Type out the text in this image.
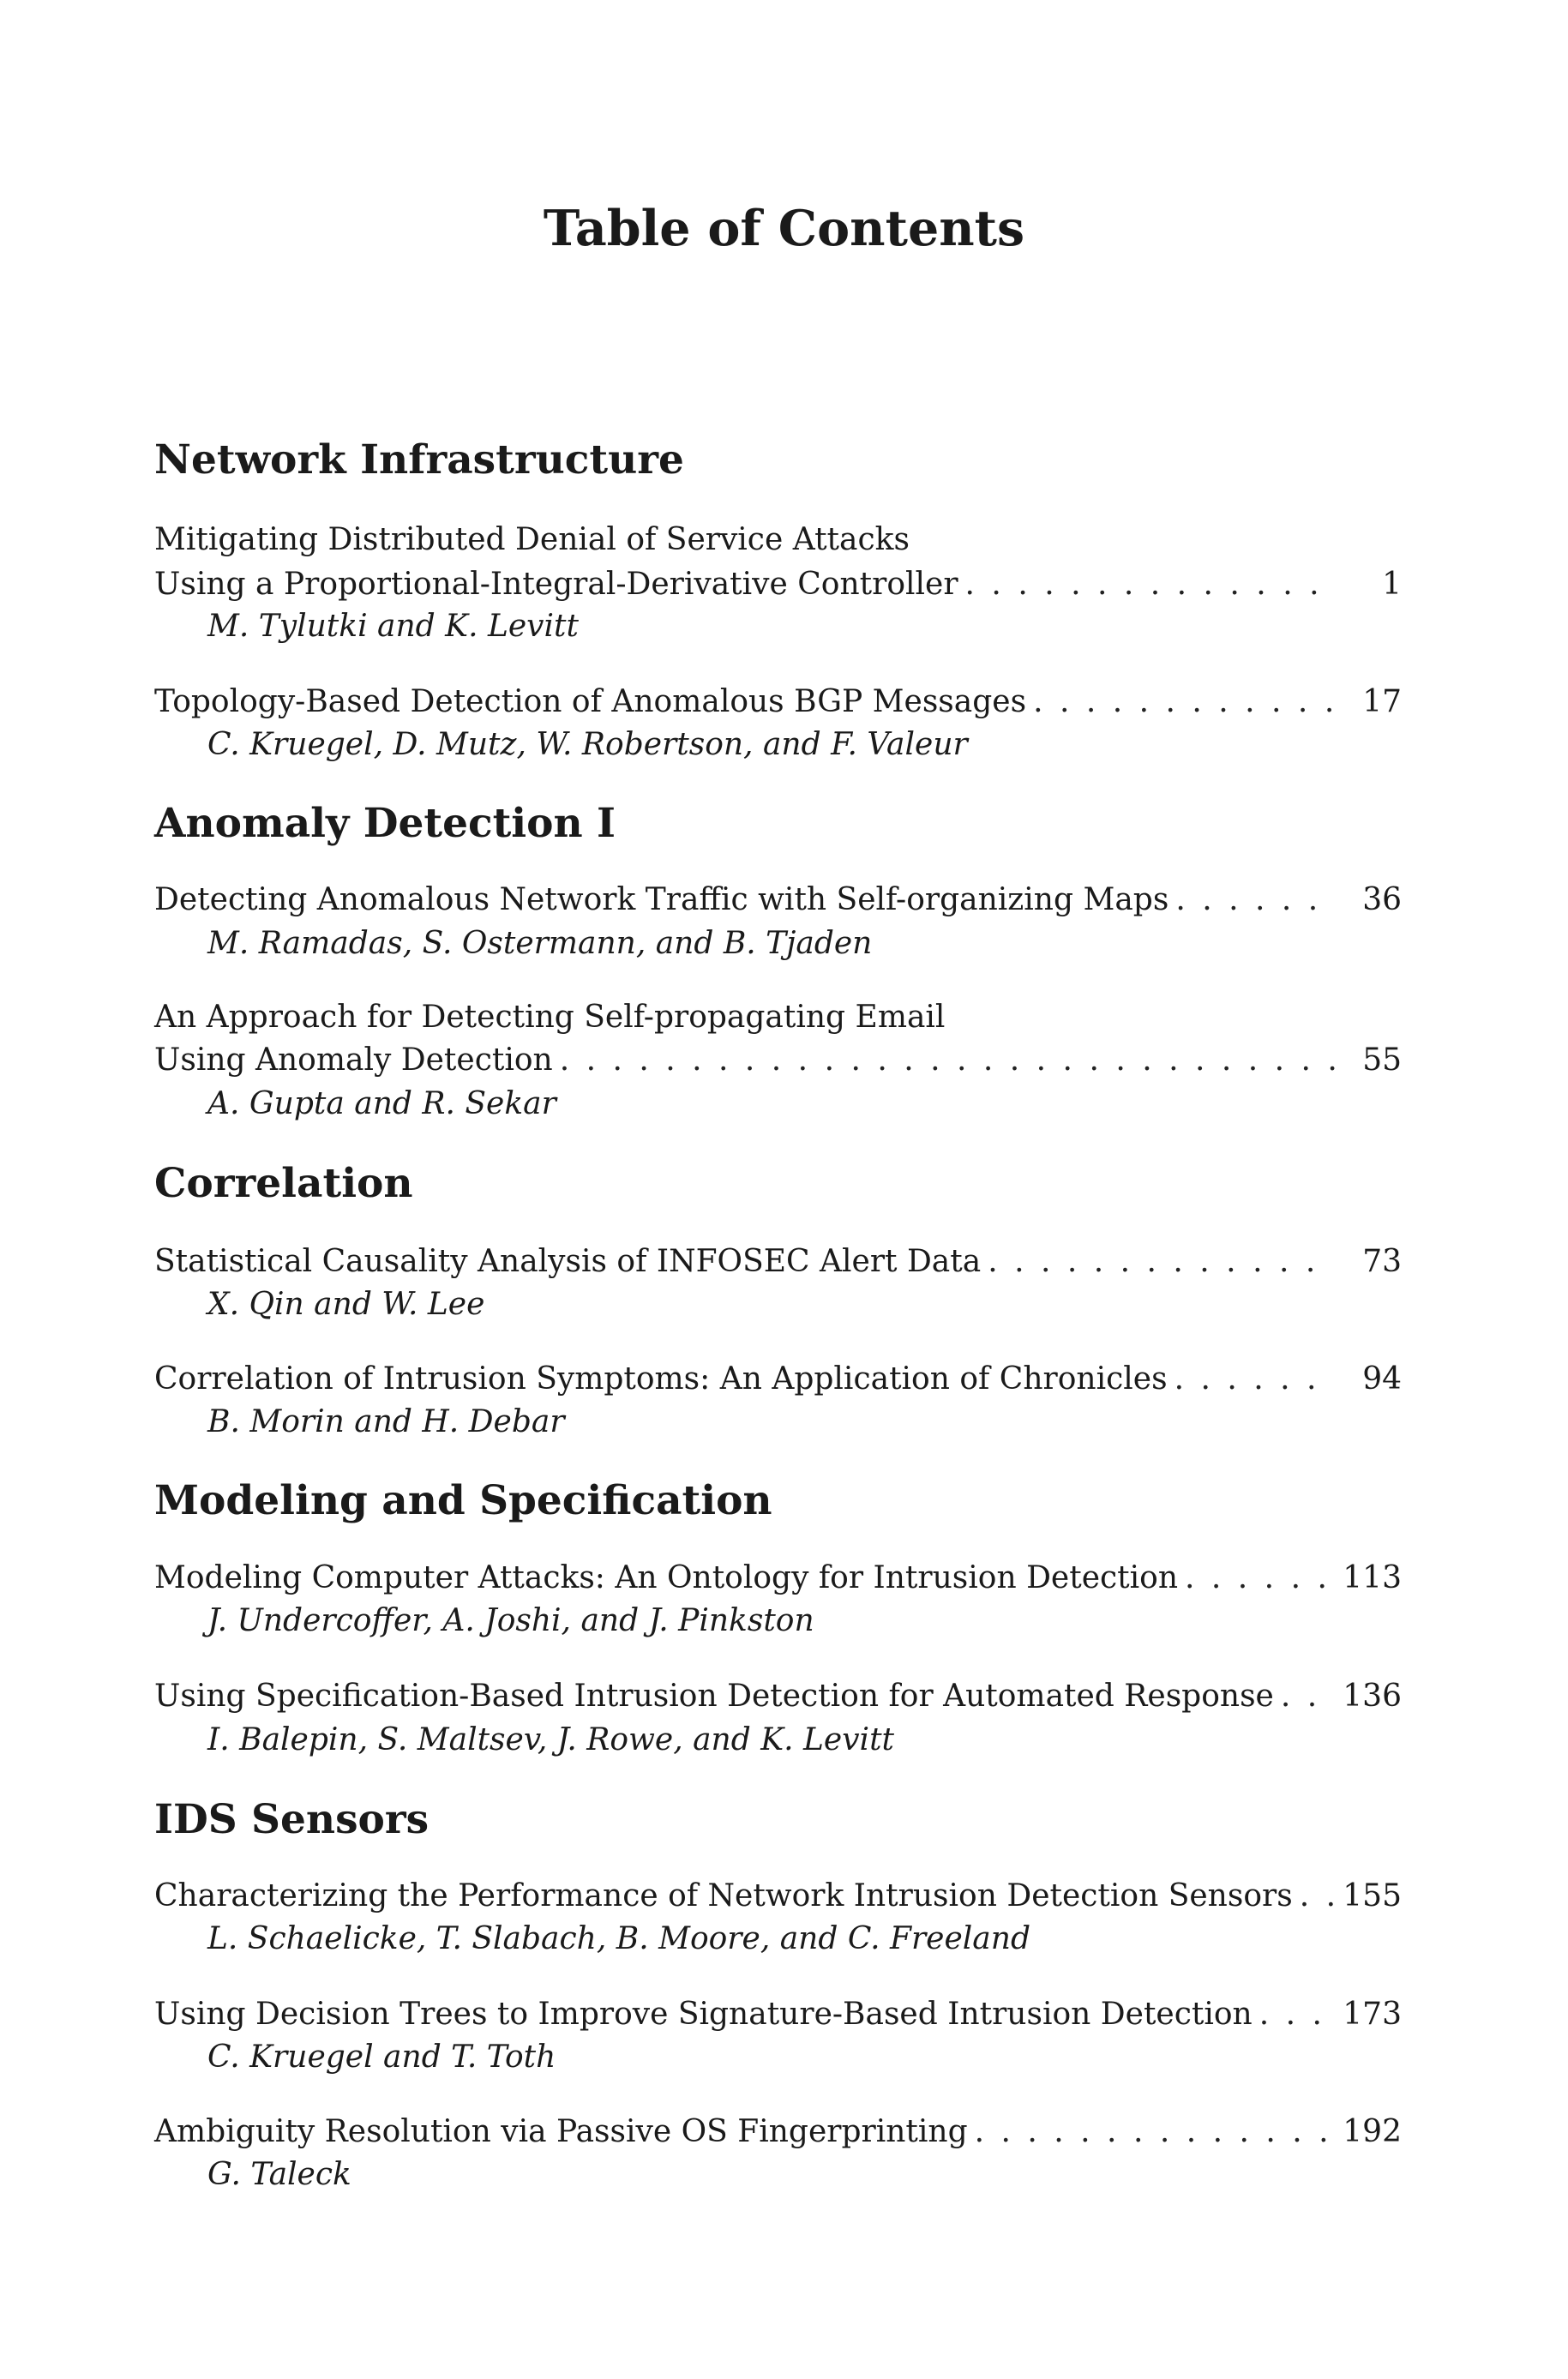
Table of Contents
Network Infrastructure
Mitigating Distributed Denial of Service Attacks
Using a Proportional-Integral-Derivative Controller . . .	1
M. Tylutki and K. Levitt
Topology-Based Detection of Anomalous BGP Messages . . .	17
C. Kruegel, D. Mutz, W. Robertson, and F. Valeur
Anomaly Detection I
Detecting Anomalous Network Traffic with Self-organizing Maps . . .	36
M. Ramadas, S. Ostermann, and B. Tjaden
An Approach for Detecting Self-propagating Email
Using Anomaly Detection . . .	55
A. Gupta and R. Sekar
Correlation
Statistical Causality Analysis of INFOSEC Alert Data . . .	73
X. Qin and W. Lee
Correlation of Intrusion Symptoms: An Application of Chronicles . . .	94
B. Morin and H. Debar
Modeling and Specification
Modeling Computer Attacks: An Ontology for Intrusion Detection . . .	113
J. Undercoffer, A. Joshi, and J. Pinkston
Using Specification-Based Intrusion Detection for Automated Response . . . 136
I. Balepin, S. Maltsev, J. Rowe, and K. Levitt
IDS Sensors
Characterizing the Performance of Network Intrusion Detection Sensors . . . 155
L. Schaelicke, T. Slabach, B. Moore, and C. Freeland
Using Decision Trees to Improve Signature-Based Intrusion Detection . . .	173
C. Kruegel and T. Toth
Ambiguity Resolution via Passive OS Fingerprinting . . .	192
G. Taleck
